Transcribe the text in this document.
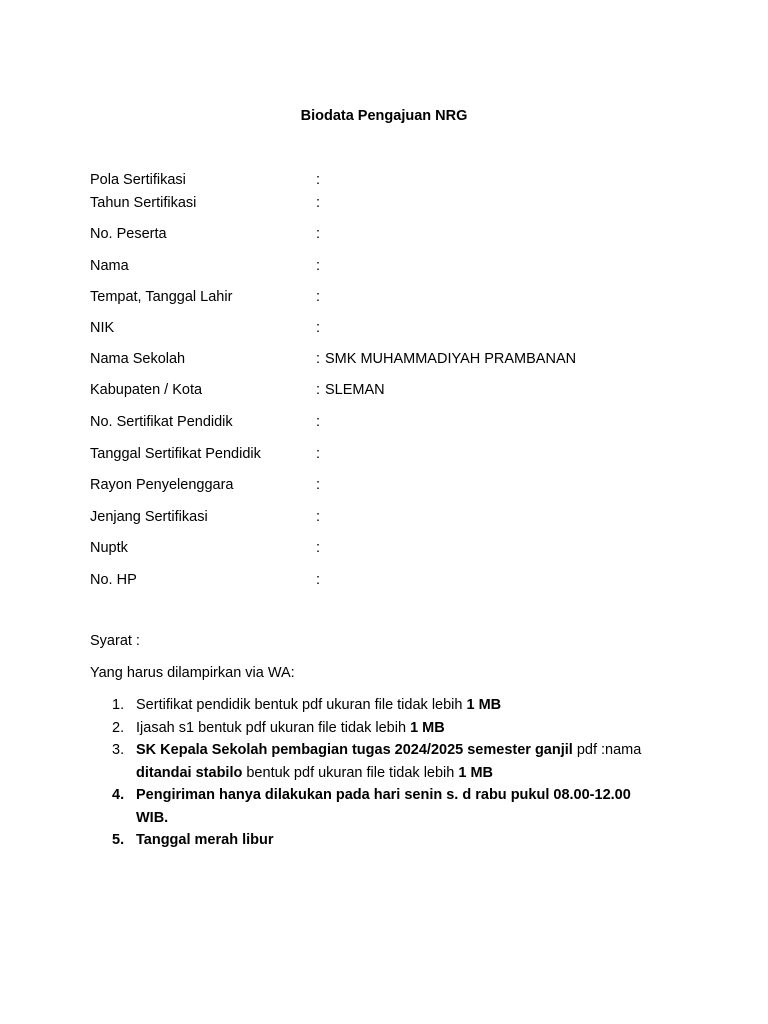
Biodata Pengajuan NRG
Pola Sertifikasi	:
Tahun Sertifikasi	:
No. Peserta	:
Nama	:
Tempat, Tanggal Lahir	:
NIK	:
Nama Sekolah	: SMK MUHAMMADIYAH PRAMBANAN
Kabupaten / Kota	: SLEMAN
No. Sertifikat Pendidik	:
Tanggal Sertifikat Pendidik	:
Rayon Penyelenggara	:
Jenjang Sertifikasi	:
Nuptk	:
No. HP	:
Syarat :
Yang harus dilampirkan via WA:
1. Sertifikat pendidik bentuk pdf ukuran file tidak lebih 1 MB
2. Ijasah s1 bentuk pdf ukuran file tidak lebih 1 MB
3. SK Kepala Sekolah pembagian tugas 2024/2025 semester ganjil pdf :nama
ditandai stabilo bentuk pdf ukuran file tidak lebih 1 MB
4. Pengiriman hanya dilakukan pada hari senin s. d rabu pukul 08.00-12.00
WIB.
5. Tanggal merah libur
